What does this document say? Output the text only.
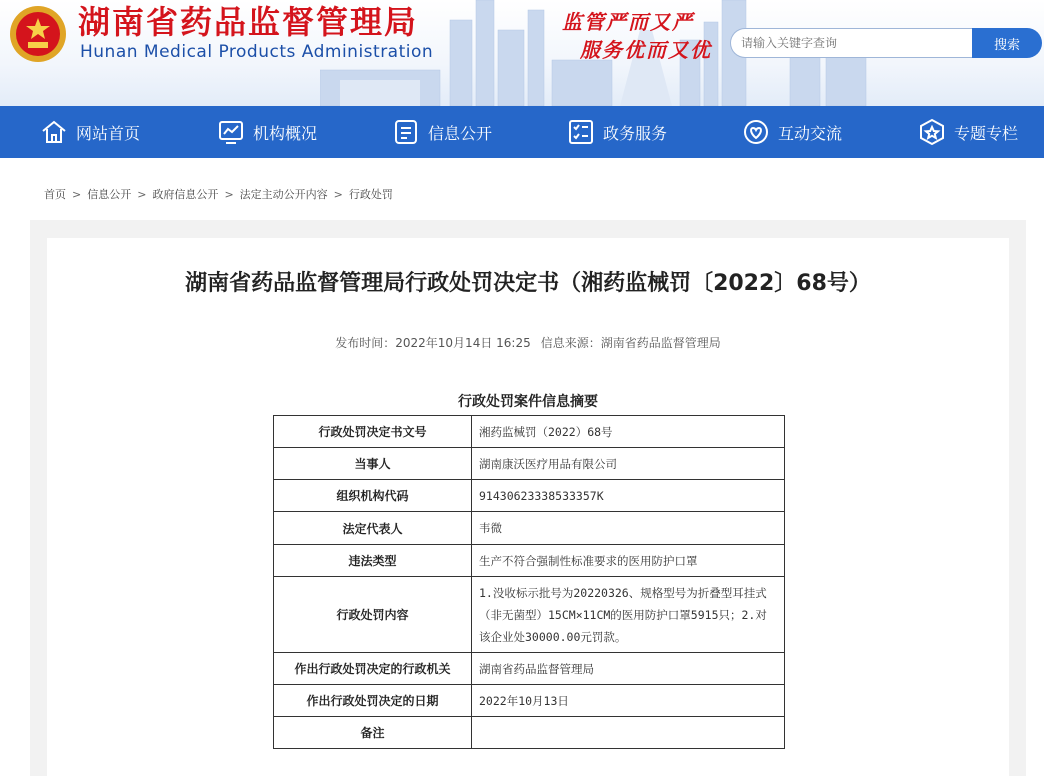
湖南省药品监督管理局
Hunan Medical Products Administration
监管严而又严
服务优而又优
请输入关键字查询	搜索
网站首页	机构概况	信息公开	政务服务	互动交流	专题专栏
首页 > 信息公开 > 政府信息公开 > 法定主动公开内容 > 行政处罚
湖南省药品监督管理局行政处罚决定书（湘药监械罚〔2022〕68号）
发布时间：2022年10月14日 16:25 信息来源：湖南省药品监督管理局
行政处罚案件信息摘要
行政处罚决定书文号	湘药监械罚（2022）68号
当事人	湖南康沃医疗用品有限公司
组织机构代码	91430623338533357K
法定代表人	韦微
违法类型	生产不符合强制性标准要求的医用防护口罩
行政处罚内容	1.没收标示批号为20220326、规格型号为折叠型耳挂式（非无菌型）15CM×11CM的医用防护口罩5915只；2.对该企业处30000.00元罚款。
作出行政处罚决定的行政机关	湖南省药品监督管理局
作出行政处罚决定的日期	2022年10月13日
备注	
